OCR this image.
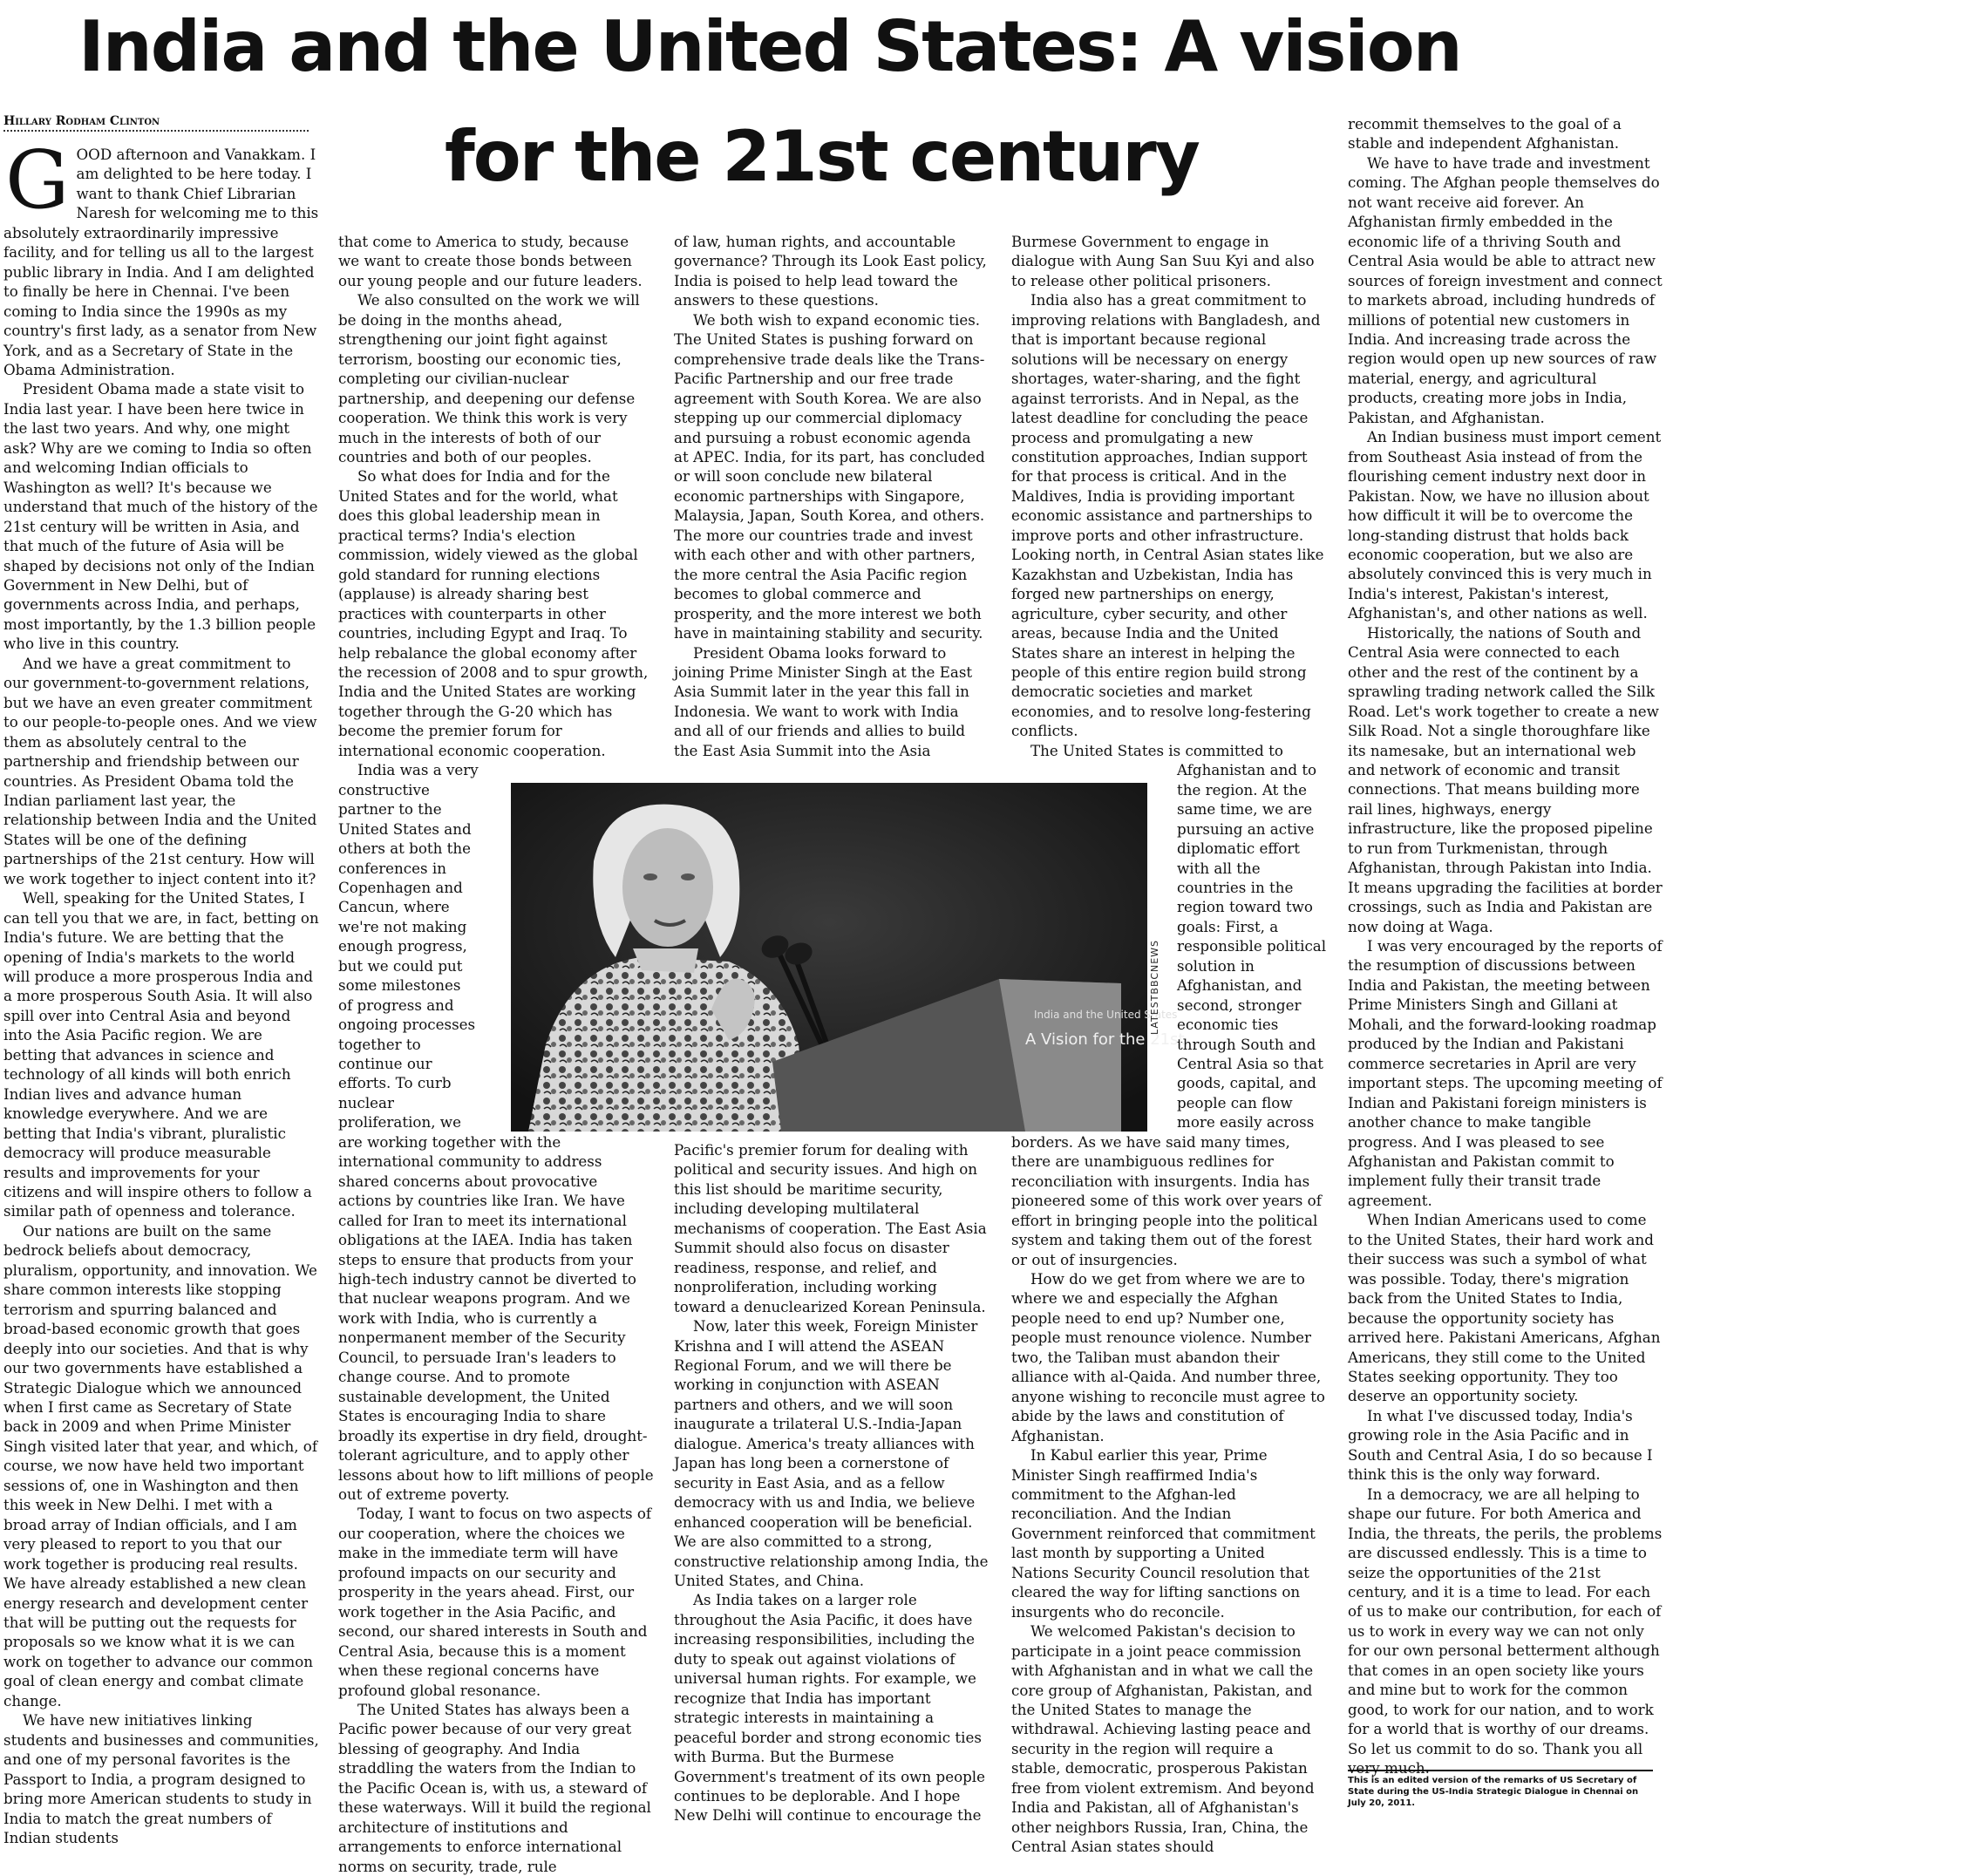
India and the United States: A vision
for the 21st century
Hillary Rodham Clinton

GOOD afternoon and Vanakkam. I am delighted to be here today. I want to thank Chief Librarian Naresh for welcoming me to this absolutely extraordinarily impressive facility, and for telling us all to the largest public library in India. And I am delighted to finally be here in Chennai. I've been coming to India since the 1990s as my country's first lady, as a senator from New York, and as a Secretary of State in the Obama Administration.

President Obama made a state visit to India last year. I have been here twice in the last two years. And why, one might ask? Why are we coming to India so often and welcoming Indian officials to Washington as well? It's because we understand that much of the history of the 21st century will be written in Asia, and that much of the future of Asia will be shaped by decisions not only of the Indian Government in New Delhi, but of governments across India, and perhaps, most importantly, by the 1.3 billion people who live in this country.

And we have a great commitment to our government-to-government relations, but we have an even greater commitment to our people-to-people ones. And we view them as absolutely central to the partnership and friendship between our countries. As President Obama told the Indian parliament last year, the relationship between India and the United States will be one of the defining partnerships of the 21st century. How will we work together to inject content into it?

Well, speaking for the United States, I can tell you that we are, in fact, betting on India's future. We are betting that the opening of India's markets to the world will produce a more prosperous India and a more prosperous South Asia. It will also spill over into Central Asia and beyond into the Asia Pacific region. We are betting that advances in science and technology of all kinds will both enrich Indian lives and advance human knowledge everywhere. And we are betting that India's vibrant, pluralistic democracy will produce measurable results and improvements for your citizens and will inspire others to follow a similar path of openness and tolerance.

Our nations are built on the same bedrock beliefs about democracy, pluralism, opportunity, and innovation. We share common interests like stopping terrorism and spurring balanced and broad-based economic growth that goes deeply into our societies. And that is why our two governments have established a Strategic Dialogue which we announced when I first came as Secretary of State back in 2009 and when Prime Minister Singh visited later that year, and which, of course, we now have held two important sessions of, one in Washington and then this week in New Delhi. I met with a broad array of Indian officials, and I am very pleased to report to you that our work together is producing real results. We have already established a new clean energy research and development center that will be putting out the requests for proposals so we know what it is we can work on together to advance our common goal of clean energy and combat climate change.

We have new initiatives linking students and businesses and communities, and one of my personal favorites is the Passport to India, a program designed to bring more American students to study in India to match the great numbers of Indian students

that come to America to study, because we want to create those bonds between our young people and our future leaders.

We also consulted on the work we will be doing in the months ahead, strengthening our joint fight against terrorism, boosting our economic ties, completing our civilian-nuclear partnership, and deepening our defense cooperation. We think this work is very much in the interests of both of our countries and both of our peoples.

So what does for India and for the United States and for the world, what does this global leadership mean in practical terms? India's election commission, widely viewed as the global gold standard for running elections (applause) is already sharing best practices with counterparts in other countries, including Egypt and Iraq. To help rebalance the global economy after the recession of 2008 and to spur growth, India and the United States are working together through the G-20 which has become the premier forum for international economic cooperation.

India was a very constructive partner to the United States and others at both the conferences in Copenhagen and Cancun, where we're not making enough progress, but we could put some milestones of progress and ongoing processes together to continue our efforts. To curb nuclear proliferation, we are working together with the international community to address shared concerns about provocative actions by countries like Iran. We have called for Iran to meet its international obligations at the IAEA. India has taken steps to ensure that products from your high-tech industry cannot be diverted to that nuclear weapons program. And we work with India, who is currently a nonpermanent member of the Security Council, to persuade Iran's leaders to change course. And to promote sustainable development, the United States is encouraging India to share broadly its expertise in dry field, drought-tolerant agriculture, and to apply other lessons about how to lift millions of people out of extreme poverty.

Today, I want to focus on two aspects of our cooperation, where the choices we make in the immediate term will have profound impacts on our security and prosperity in the years ahead. First, our work together in the Asia Pacific, and second, our shared interests in South and Central Asia, because this is a moment when these regional concerns have profound global resonance.

The United States has always been a Pacific power because of our very great blessing of geography. And India straddling the waters from the Indian to the Pacific Ocean is, with us, a steward of these waterways. Will it build the regional architecture of institutions and arrangements to enforce international norms on security, trade, rule

of law, human rights, and accountable governance? Through its Look East policy, India is poised to help lead toward the answers to these questions.

We both wish to expand economic ties. The United States is pushing forward on comprehensive trade deals like the Trans-Pacific Partnership and our free trade agreement with South Korea. We are also stepping up our commercial diplomacy and pursuing a robust economic agenda at APEC. India, for its part, has concluded or will soon conclude new bilateral economic partnerships with Singapore, Malaysia, Japan, South Korea, and others. The more our countries trade and invest with each other and with other partners, the more central the Asia Pacific region becomes to global commerce and prosperity, and the more interest we both have in maintaining stability and security.

President Obama looks forward to joining Prime Minister Singh at the East Asia Summit later in the year this fall in Indonesia. We want to work with India and all of our friends and allies to build the East Asia Summit into the Asia Pacific's premier forum for dealing with political and security issues. And high on this list should be maritime security, including developing multilateral mechanisms of cooperation. The East Asia Summit should also focus on disaster readiness, response, and relief, and nonproliferation, including working toward a denuclearized Korean Peninsula.

Now, later this week, Foreign Minister Krishna and I will attend the ASEAN Regional Forum, and we will there be working in conjunction with ASEAN partners and others, and we will soon inaugurate a trilateral U.S.-India-Japan dialogue. America's treaty alliances with Japan has long been a cornerstone of security in East Asia, and as a fellow democracy with us and India, we believe enhanced cooperation will be beneficial. We are also committed to a strong, constructive relationship among India, the United States, and China.

As India takes on a larger role throughout the Asia Pacific, it does have increasing responsibilities, including the duty to speak out against violations of universal human rights. For example, we recognize that India has important strategic interests in maintaining a peaceful border and strong economic ties with Burma. But the Burmese Government's treatment of its own people continues to be deplorable. And I hope New Delhi will continue to encourage the

Burmese Government to engage in dialogue with Aung San Suu Kyi and also to release other political prisoners.

India also has a great commitment to improving relations with Bangladesh, and that is important because regional solutions will be necessary on energy shortages, water-sharing, and the fight against terrorists. And in Nepal, as the latest deadline for concluding the peace process and promulgating a new constitution approaches, Indian support for that process is critical. And in the Maldives, India is providing important economic assistance and partnerships to improve ports and other infrastructure. Looking north, in Central Asian states like Kazakhstan and Uzbekistan, India has forged new partnerships on energy, agriculture, cyber security, and other areas, because India and the United States share an interest in helping the people of this entire region build strong democratic societies and market economies, and to resolve long-festering conflicts.

The United States is committed to Afghanistan and to the region. At the same time, we are pursuing an active diplomatic effort with all the countries in the region toward two goals: First, a responsible political solution in Afghanistan, and second, stronger economic ties through South and Central Asia so that goods, capital, and people can flow more easily across borders. As we have said many times, there are unambiguous redlines for reconciliation with insurgents. India has pioneered some of this work over years of effort in bringing people into the political system and taking them out of the forest or out of insurgencies.

How do we get from where we are to where we and especially the Afghan people need to end up? Number one, people must renounce violence. Number two, the Taliban must abandon their alliance with al-Qaida. And number three, anyone wishing to reconcile must agree to abide by the laws and constitution of Afghanistan.

In Kabul earlier this year, Prime Minister Singh reaffirmed India's commitment to the Afghan-led reconciliation. And the Indian Government reinforced that commitment last month by supporting a United Nations Security Council resolution that cleared the way for lifting sanctions on insurgents who do reconcile.

We welcomed Pakistan's decision to participate in a joint peace commission with Afghanistan and in what we call the core group of Afghanistan, Pakistan, and the United States to manage the withdrawal. Achieving lasting peace and security in the region will require a stable, democratic, prosperous Pakistan free from violent extremism. And beyond India and Pakistan, all of Afghanistan's other neighbors Russia, Iran, China, the Central Asian states should

recommit themselves to the goal of a stable and independent Afghanistan.

We have to have trade and investment coming. The Afghan people themselves do not want receive aid forever. An Afghanistan firmly embedded in the economic life of a thriving South and Central Asia would be able to attract new sources of foreign investment and connect to markets abroad, including hundreds of millions of potential new customers in India. And increasing trade across the region would open up new sources of raw material, energy, and agricultural products, creating more jobs in India, Pakistan, and Afghanistan.

An Indian business must import cement from Southeast Asia instead of from the flourishing cement industry next door in Pakistan. Now, we have no illusion about how difficult it will be to overcome the long-standing distrust that holds back economic cooperation, but we also are absolutely convinced this is very much in India's interest, Pakistan's interest, Afghanistan's, and other nations as well.

Historically, the nations of South and Central Asia were connected to each other and the rest of the continent by a sprawling trading network called the Silk Road. Let's work together to create a new Silk Road. Not a single thoroughfare like its namesake, but an international web and network of economic and transit connections. That means building more rail lines, highways, energy infrastructure, like the proposed pipeline to run from Turkmenistan, through Afghanistan, through Pakistan into India. It means upgrading the facilities at border crossings, such as India and Pakistan are now doing at Waga.

I was very encouraged by the reports of the resumption of discussions between India and Pakistan, the meeting between Prime Ministers Singh and Gillani at Mohali, and the forward-looking roadmap produced by the Indian and Pakistani commerce secretaries in April are very important steps. The upcoming meeting of Indian and Pakistani foreign ministers is another chance to make tangible progress. And I was pleased to see Afghanistan and Pakistan commit to implement fully their transit trade agreement.

When Indian Americans used to come to the United States, their hard work and their success was such a symbol of what was possible. Today, there's migration back from the United States to India, because the opportunity society has arrived here. Pakistani Americans, Afghan Americans, they still come to the United States seeking opportunity. They too deserve an opportunity society.

In what I've discussed today, India's growing role in the Asia Pacific and in South and Central Asia, I do so because I think this is the only way forward.

In a democracy, we are all helping to shape our future. For both America and India, the threats, the perils, the problems are discussed endlessly. This is a time to seize the opportunities of the 21st century, and it is a time to lead. For each of us to make our contribution, for each of us to work in every way we can not only for our own personal betterment although that comes in an open society like yours and mine but to work for the common good, to work for our nation, and to work for a world that is worthy of our dreams. So let us commit to do so. Thank you all very much.

India and the United States
A Vision for the 21st
LATESTBBCNEWS
This is an edited version of the remarks of US Secretary of State during the US-India Strategic Dialogue in Chennai on July 20, 2011.
